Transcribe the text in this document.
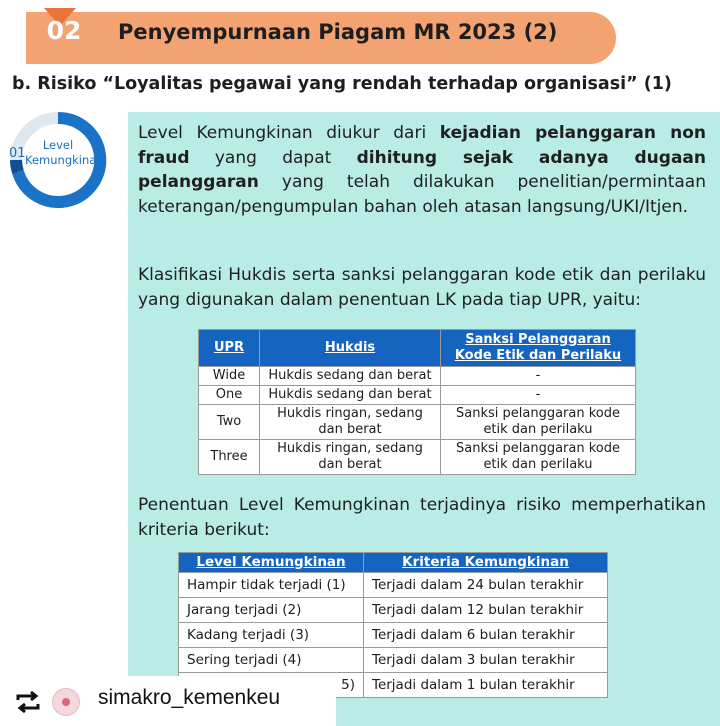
02	Penyempurnaan Piagam MR 2023 (2)
b. Risiko “Loyalitas pegawai yang rendah terhadap organisasi” (1)
01
Level
Kemungkinan
Level Kemungkinan diukur dari kejadian pelanggaran non fraud yang dapat dihitung sejak adanya dugaan pelanggaran yang telah dilakukan penelitian/permintaan keterangan/pengumpulan bahan oleh atasan langsung/UKI/Itjen.
Klasifikasi Hukdis serta sanksi pelanggaran kode etik dan perilaku yang digunakan dalam penentuan LK pada tiap UPR, yaitu:
UPR	Hukdis	Sanksi Pelanggaran Kode Etik dan Perilaku
Wide	Hukdis sedang dan berat	-
One	Hukdis sedang dan berat	-
Two	Hukdis ringan, sedang dan berat	Sanksi pelanggaran kode etik dan perilaku
Three	Hukdis ringan, sedang dan berat	Sanksi pelanggaran kode etik dan perilaku
Penentuan Level Kemungkinan terjadinya risiko memperhatikan kriteria berikut:
Level Kemungkinan	Kriteria Kemungkinan
Hampir tidak terjadi (1)	Terjadi dalam 24 bulan terakhir
Jarang terjadi (2)	Terjadi dalam 12 bulan terakhir
Kadang terjadi (3)	Terjadi dalam 6 bulan terakhir
Sering terjadi (4)	Terjadi dalam 3 bulan terakhir
5)	Terjadi dalam 1 bulan terakhir
simakro_kemenkeu
